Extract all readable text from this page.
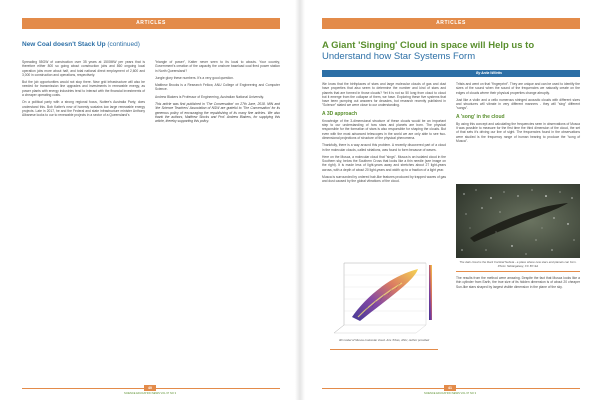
ARTICLES
New Coal doesn't Stack Up (continued)

Spreading 55GW of construction over 35 years at 1500MW per years that is therefore either 800 so going about construction jobs and 860 ongoing local operation jobs more about half, and total national direct employment of 2,600 and 3,000 in construction and operations, respectively.

But the job opportunities would not stop there. New grid infrastructure will also be needed for transmission line upgrades and investments in renewable energy, as power plants with energy industries tend to interact with the financial investments of a cheaper operating costs.

On a political party with a strong regional focus, Nuttee's Australia Party, does understand this. Bob Katter's new of honesty sustains low large renewable energy projects. Late in 2017, he and the Federal and state infrastructure minister Anthony Albanese looks to our to renewable projects in a sector of a Queensland's

"triangle of power", Katter never seen to its local to abouts. Your country, Government's creation of the capacity the onshore baseload coal fired power station in North Queensland?

Jungle glory these numbers. It's a very good question.

Matthew Brooks is a Research Fellow, ANU College of Engineering and Computer Science.

Andrew Blakers is Professor of Engineering, Australian National University.

This article was first published in 'The Conversation' on 27th June, 2018. MIN and 'the Science Teachers' Association of NSW are grateful to 'The Conversation' for its generous policy of encouraging the republishing of its many fine articles. We also thank the authors, Matthew Stocks and Prof. Andrew Blakers, for supplying this article, thereby supporting this policy.

40
SCIENCE EDUCATION NEWS VOL 67 NO 3
ARTICLES
A Giant 'Singing' Cloud in space will Help us to Understand how Star Systems Form
By Anita Willetts

We know that the birthplaces of stars and large molecular clouds of gas and dust have properties that also seem to determine the number and kind of stars and planets that are formed in those clouds? Yet it is not so 50 long from cloud to cloud but it emerge from the collapse of them, we have. Exploring these five systems that have been pumping out answers for decades, but research recently published in "Science" stated we were close to our understanding.

A 3D approach

Knowledge of the 3-dimensional structure of these clouds would be an important step to our understanding of how stars and planets are born. The physical responsible for the formation of stars is also responsible for shaping the clouds. But even with the most advanced telescopes in the world we are only able to see two-dimensional projections of structure of the physical phenomena.

Thankfully, there is a way around this problem. A recently discovered part of a cloud in the molecular clouds, called striations, was found to form because of waves.

Here on the Musca, a molecular cloud that "sings". Musca is an isolated cloud in the Southern sky, below the Southern Cross that looks like a thin needle (see image on the right). It is made less of light-years away and stretches about 27 light-years across, with a depth of about 20 light-years and width up to a fraction of a light year.

Musca is surrounded by ordered hair-like features produced by trapped waves of gas and dust caused by the global vibrations of the cloud.

3D model of Musca molecular cloud. Aris Tritsis, ANU, Author provided

Tritsis and went on that "fingerprint". They are unique and can be used to identify the sizes of the sound when the sound of the frequencies we naturally create on the edges of clouds where their physical properties change abruptly.

Just like a violin and a cello numerous stringed acoustic clouds with different sizes and structures will vibrate in very different manners - they will "sing" different "songs".

A 'song' in the cloud

By using this concept and calculating the frequencies seen in observations of Musca it was possible to measure for the first time the third dimension of the cloud, the set of that sets it's driving our line of sight. The frequencies found in the observations were studied is the frequency range of human hearing to produce the "song of Musca".

The dark cloud is the Dark Cocktail Nebula - a place where new stars and planets can form. Photo: Nikita/galaxy, CC BY-SA

The results from the method were amazing. Despite the fact that Musca looks like a thin cylinder from Earth, the true size of its hidden dimension is of about 20 cheaper Sun-like stars shaped by largest visible dimension in the plane of the sky.

41
SCIENCE EDUCATION NEWS VOL 67 NO 3
